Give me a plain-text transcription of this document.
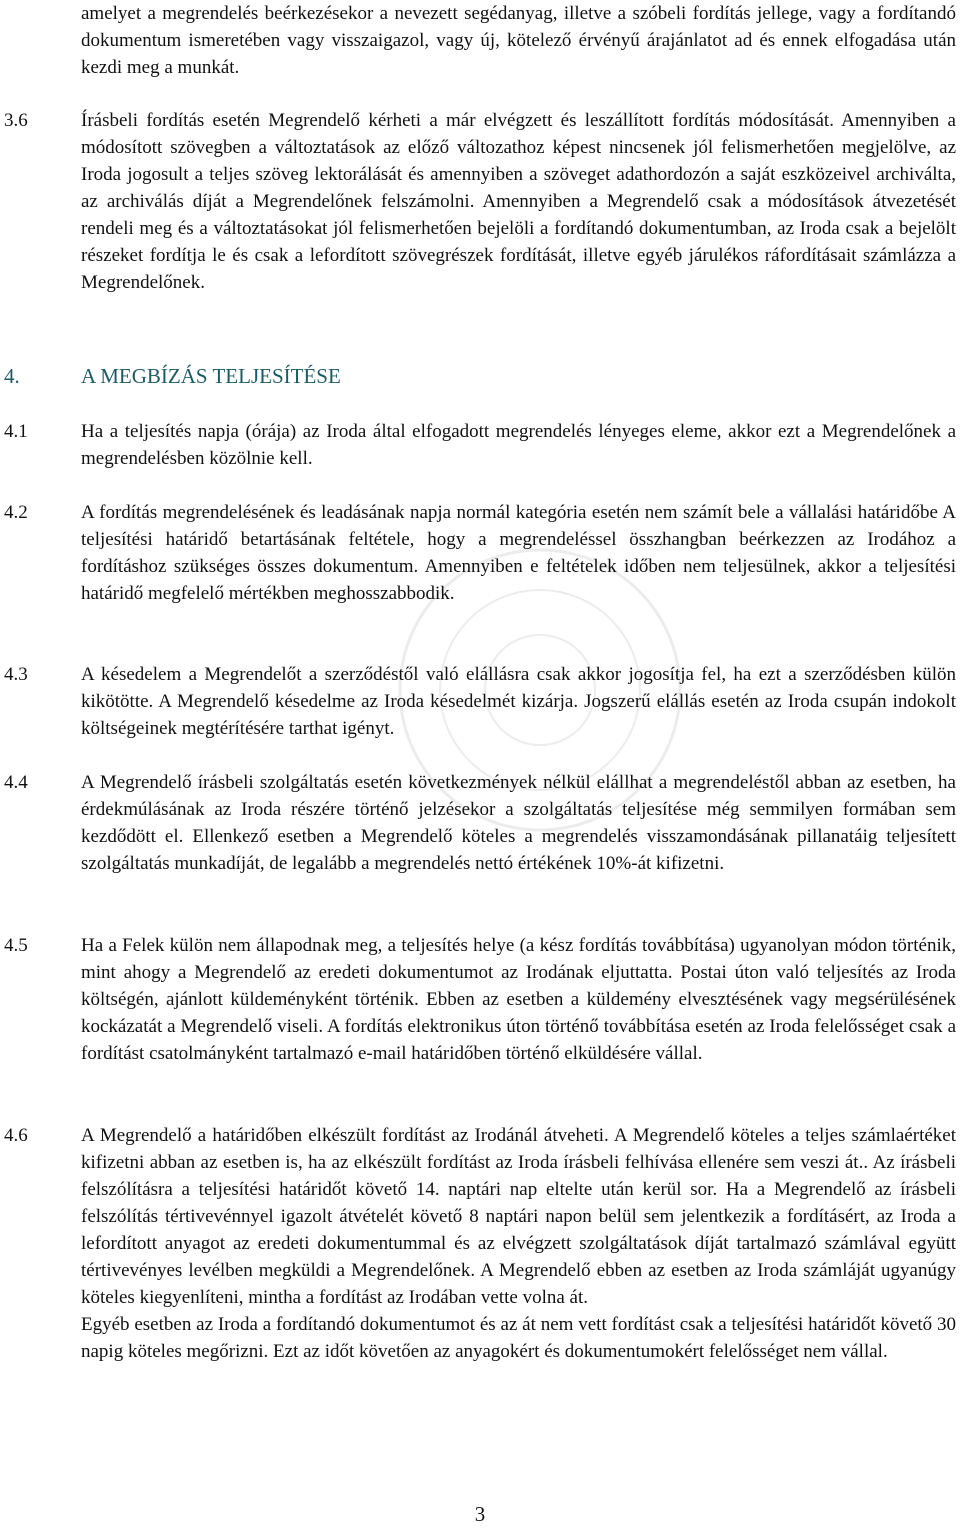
amelyet a megrendelés beérkezésekor a nevezett segédanyag, illetve a szóbeli fordítás jellege, vagy a fordítandó dokumentum ismeretében vagy visszaigazol, vagy új, kötelező érvényű árajánlatot ad és ennek elfogadása után kezdi meg a munkát.
3.6	Írásbeli fordítás esetén Megrendelő kérheti a már elvégzett és leszállított fordítás módosítását. Amennyiben a módosított szövegben a változtatások az előző változathoz képest nincsenek jól felismerhetően megjelölve, az Iroda jogosult a teljes szöveg lektorálását és amennyiben a szöveget adathordozón a saját eszközeivel archiválta, az archiválás díját a Megrendelőnek felszámolni. Amennyiben a Megrendelő csak a módosítások átvezetését rendeli meg és a változtatásokat jól felismerhetően bejelöli a fordítandó dokumentumban, az Iroda csak a bejelölt részeket fordítja le és csak a lefordított szövegrészek fordítását, illetve egyéb járulékos ráfordításait számlázza a Megrendelőnek.
4.	A MEGBÍZÁS TELJESÍTÉSE
4.1	Ha a teljesítés napja (órája) az Iroda által elfogadott megrendelés lényeges eleme, akkor ezt a Megrendelőnek a megrendelésben közölnie kell.
4.2	A fordítás megrendelésének és leadásának napja normál kategória esetén nem számít bele a vállalási határidőbe A teljesítési határidő betartásának feltétele, hogy a megrendeléssel összhangban beérkezzen az Irodához a fordításhoz szükséges összes dokumentum. Amennyiben e feltételek időben nem teljesülnek, akkor a teljesítési határidő megfelelő mértékben meghosszabbodik.
4.3	A késedelem a Megrendelőt a szerződéstől való elállásra csak akkor jogosítja fel, ha ezt a szerződésben külön kikötötte. A Megrendelő késedelme az Iroda késedelmét kizárja. Jogszerű elállás esetén az Iroda csupán indokolt költségeinek megtérítésére tarthat igényt.
4.4	A Megrendelő írásbeli szolgáltatás esetén következmények nélkül elállhat a megrendeléstől abban az esetben, ha érdekmúlásának az Iroda részére történő jelzésekor a szolgáltatás teljesítése még semmilyen formában sem kezdődött el. Ellenkező esetben a Megrendelő köteles a megrendelés visszamondásának pillanatáig teljesített szolgáltatás munkadíját, de legalább a megrendelés nettó értékének 10%-át kifizetni.
4.5	Ha a Felek külön nem állapodnak meg, a teljesítés helye (a kész fordítás továbbítása) ugyanolyan módon történik, mint ahogy a Megrendelő az eredeti dokumentumot az Irodának eljuttatta. Postai úton való teljesítés az Iroda költségén, ajánlott küldeményként történik. Ebben az esetben a küldemény elvesztésének vagy megsérülésének kockázatát a Megrendelő viseli. A fordítás elektronikus úton történő továbbítása esetén az Iroda felelősséget csak a fordítást csatolmányként tartalmazó e-mail határidőben történő elküldésére vállal.
4.6	A Megrendelő a határidőben elkészült fordítást az Irodánál átveheti. A Megrendelő köteles a teljes számlaértéket kifizetni abban az esetben is, ha az elkészült fordítást az Iroda írásbeli felhívása ellenére sem veszi át.. Az írásbeli felszólításra a teljesítési határidőt követő 14. naptári nap eltelte után kerül sor. Ha a Megrendelő az írásbeli felszólítás tértivevénnyel igazolt átvételét követő 8 naptári napon belül sem jelentkezik a fordításért, az Iroda a lefordított anyagot az eredeti dokumentummal és az elvégzett szolgáltatások díját tartalmazó számlával együtt tértivevényes levélben megküldi a Megrendelőnek. A Megrendelő ebben az esetben az Iroda számláját ugyanúgy köteles kiegyenlíteni, mintha a fordítást az Irodában vette volna át.

Egyéb esetben az Iroda a fordítandó dokumentumot és az át nem vett fordítást csak a teljesítési határidőt követő 30 napig köteles megőrizni. Ezt az időt követően az anyagokért és dokumentumokért felelősséget nem vállal.

3
